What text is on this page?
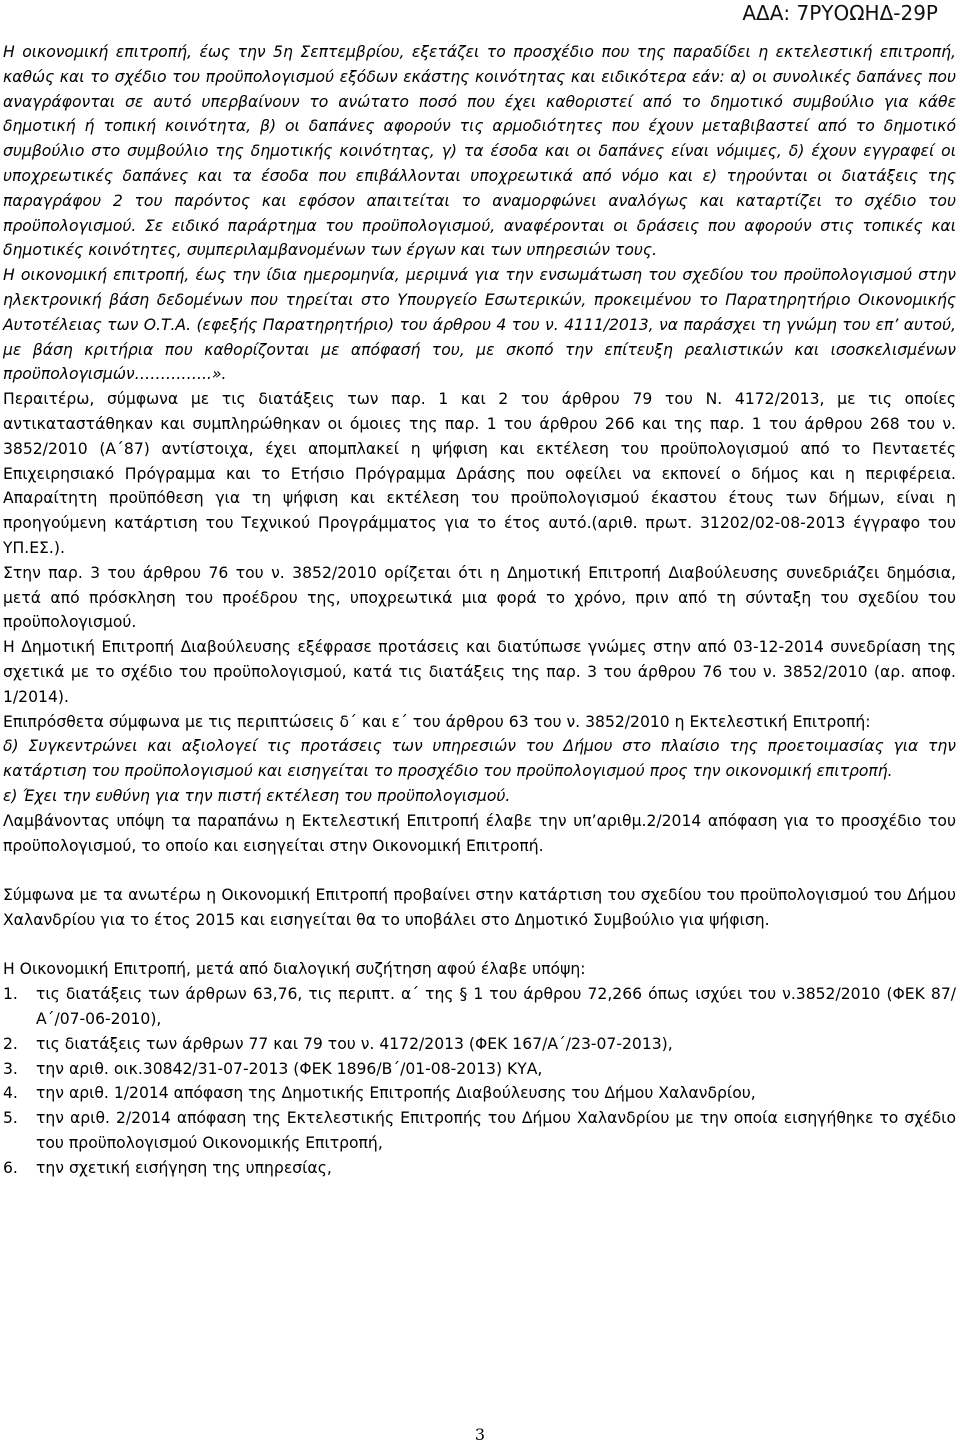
ΑΔΑ: 7ΡΥΟΩΗΔ-29Ρ

Η οικονομική επιτροπή, έως την 5η Σεπτεμβρίου, εξετάζει το προσχέδιο που της παραδίδει η εκτελεστική επιτροπή, καθώς και το σχέδιο του προϋπολογισμού εξόδων εκάστης κοινότητας και ειδικότερα εάν: α) οι συνολικές δαπάνες που αναγράφονται σε αυτό υπερβαίνουν το ανώτατο ποσό που έχει καθοριστεί από το δημοτικό συμβούλιο για κάθε δημοτική ή τοπική κοινότητα, β) οι δαπάνες αφορούν τις αρμοδιότητες που έχουν μεταβιβαστεί από το δημοτικό συμβούλιο στο συμβούλιο της δημοτικής κοινότητας, γ) τα έσοδα και οι δαπάνες είναι νόμιμες, δ) έχουν εγγραφεί οι υποχρεωτικές δαπάνες και τα έσοδα που επιβάλλονται υποχρεωτικά από νόμο και ε) τηρούνται οι διατάξεις της παραγράφου 2 του παρόντος και εφόσον απαιτείται το αναμορφώνει αναλόγως και καταρτίζει το σχέδιο του προϋπολογισμού. Σε ειδικό παράρτημα του προϋπολογισμού, αναφέρονται οι δράσεις που αφορούν στις τοπικές και δημοτικές κοινότητες, συμπεριλαμβανομένων των έργων και των υπηρεσιών τους.

Η οικονομική επιτροπή, έως την ίδια ημερομηνία, μεριμνά για την ενσωμάτωση του σχεδίου του προϋπολογισμού στην ηλεκτρονική βάση δεδομένων που τηρείται στο Υπουργείο Εσωτερικών, προκειμένου το Παρατηρητήριο Οικονομικής Αυτοτέλειας των Ο.Τ.Α. (εφεξής Παρατηρητήριο) του άρθρου 4 του ν. 4111/2013, να παράσχει τη γνώμη του επ’ αυτού, με βάση κριτήρια που καθορίζονται με απόφασή του, με σκοπό την επίτευξη ρεαλιστικών και ισοσκελισμένων προϋπολογισμών…………...».

Περαιτέρω, σύμφωνα με τις διατάξεις των παρ. 1 και 2 του άρθρου 79 του Ν. 4172/2013, με τις οποίες αντικαταστάθηκαν και συμπληρώθηκαν οι όμοιες της παρ. 1 του άρθρου 266 και της παρ. 1 του άρθρου 268 του ν. 3852/2010 (Α΄87) αντίστοιχα, έχει απομπλακεί η ψήφιση και εκτέλεση του προϋπολογισμού από το Πενταετές Επιχειρησιακό Πρόγραμμα και το Ετήσιο Πρόγραμμα Δράσης που οφείλει να εκπονεί ο δήμος και η περιφέρεια. Απαραίτητη προϋπόθεση για τη ψήφιση και εκτέλεση του προϋπολογισμού έκαστου έτους των δήμων, είναι η προηγούμενη κατάρτιση του Τεχνικού Προγράμματος για το έτος αυτό.(αριθ. πρωτ. 31202/02-08-2013 έγγραφο του ΥΠ.ΕΣ.).

Στην παρ. 3 του άρθρου 76 του ν. 3852/2010 ορίζεται ότι η Δημοτική Επιτροπή Διαβούλευσης συνεδριάζει δημόσια, μετά από πρόσκληση του προέδρου της, υποχρεωτικά μια φορά το χρόνο, πριν από τη σύνταξη του σχεδίου του προϋπολογισμού.

Η Δημοτική Επιτροπή Διαβούλευσης εξέφρασε προτάσεις και διατύπωσε γνώμες στην από 03-12-2014 συνεδρίαση της σχετικά με το σχέδιο του προϋπολογισμού, κατά τις διατάξεις της παρ. 3 του άρθρου 76 του ν. 3852/2010 (αρ. αποφ. 1/2014).

Επιπρόσθετα σύμφωνα με τις περιπτώσεις δ΄ και ε΄ του άρθρου 63 του ν. 3852/2010 η Εκτελεστική Επιτροπή:

δ) Συγκεντρώνει και αξιολογεί τις προτάσεις των υπηρεσιών του Δήμου στο πλαίσιο της προετοιμασίας για την κατάρτιση του προϋπολογισμού και εισηγείται το προσχέδιο του προϋπολογισμού προς την οικονομική επιτροπή.

ε) Έχει την ευθύνη για την πιστή εκτέλεση του προϋπολογισμού.

Λαμβάνοντας υπόψη τα παραπάνω η Εκτελεστική Επιτροπή έλαβε την υπ’αριθμ.2/2014 απόφαση για το προσχέδιο του προϋπολογισμού, το οποίο και εισηγείται στην Οικονομική Επιτροπή.

Σύμφωνα με τα ανωτέρω η Οικονομική Επιτροπή προβαίνει στην κατάρτιση του σχεδίου του προϋπολογισμού του Δήμου Χαλανδρίου για το έτος 2015 και εισηγείται θα το υποβάλει στο Δημοτικό Συμβούλιο για ψήφιση.

Η Οικονομική Επιτροπή, μετά από διαλογική συζήτηση αφού έλαβε υπόψη:

1.	τις διατάξεις των άρθρων 63,76, τις περιπτ. α΄ της § 1 του άρθρου 72,266 όπως ισχύει του ν.3852/2010 (ΦΕΚ 87/Α΄/07-06-2010),
2.	τις διατάξεις των άρθρων 77 και 79 του ν. 4172/2013 (ΦΕΚ 167/Α΄/23-07-2013),
3.	την αριθ. οικ.30842/31-07-2013 (ΦΕΚ 1896/Β΄/01-08-2013) ΚΥΑ,
4.	την αριθ. 1/2014 απόφαση της Δημοτικής Επιτροπής Διαβούλευσης του Δήμου Χαλανδρίου,
5.	την αριθ. 2/2014 απόφαση της Εκτελεστικής Επιτροπής του Δήμου Χαλανδρίου με την οποία εισηγήθηκε το σχέδιο του προϋπολογισμού Οικονομικής Επιτροπή,
6.	την σχετική εισήγηση της υπηρεσίας,
3
